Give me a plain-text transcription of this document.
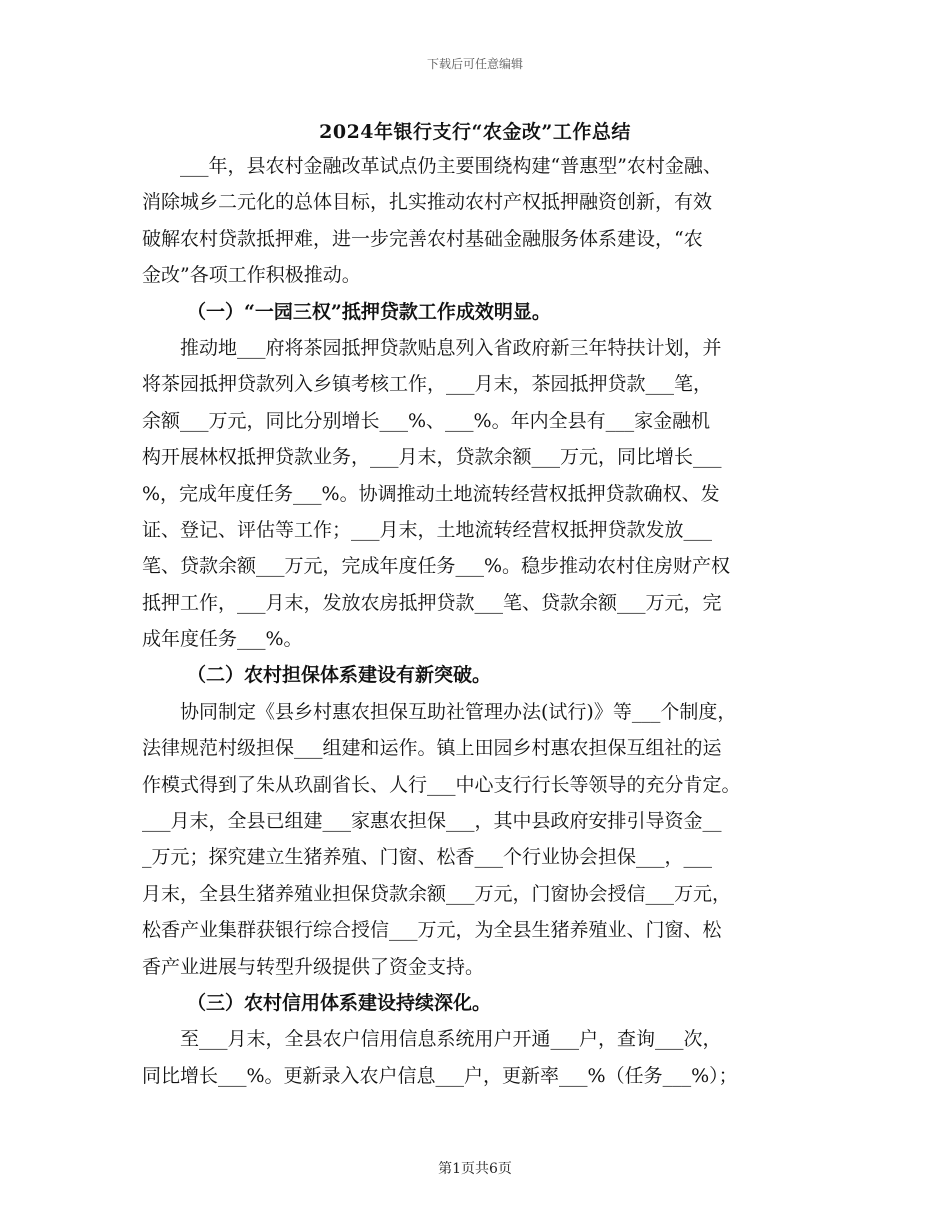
下载后可任意编辑
2024年银行支行“农金改”工作总结
___年，县农村金融改革试点仍主要围绕构建“普惠型”农村金融、
消除城乡二元化的总体目标，扎实推动农村产权抵押融资创新，有效
破解农村贷款抵押难，进一步完善农村基础金融服务体系建设，“农
金改”各项工作积极推动。
（一）“一园三权”抵押贷款工作成效明显。
推动地___府将茶园抵押贷款贴息列入省政府新三年特扶计划，并
将茶园抵押贷款列入乡镇考核工作，___月末，茶园抵押贷款___笔，
余额___万元，同比分别增长___%、___%。年内全县有___家金融机
构开展林权抵押贷款业务，___月末，贷款余额___万元，同比增长___
%，完成年度任务___%。协调推动土地流转经营权抵押贷款确权、发
证、登记、评估等工作；___月末，土地流转经营权抵押贷款发放___
笔、贷款余额___万元，完成年度任务___%。稳步推动农村住房财产权
抵押工作，___月末，发放农房抵押贷款___笔、贷款余额___万元，完
成年度任务___%。
（二）农村担保体系建设有新突破。
协同制定《县乡村惠农担保互助社管理办法(试行)》等___个制度，
法律规范村级担保___组建和运作。镇上田园乡村惠农担保互组社的运
作模式得到了朱从玖副省长、人行___中心支行行长等领导的充分肯定。
___月末，全县已组建___家惠农担保___，其中县政府安排引导资金__
_万元；探究建立生猪养殖、门窗、松香___个行业协会担保___，___
月末，全县生猪养殖业担保贷款余额___万元，门窗协会授信___万元，
松香产业集群获银行综合授信___万元，为全县生猪养殖业、门窗、松
香产业进展与转型升级提供了资金支持。
（三）农村信用体系建设持续深化。
至___月末，全县农户信用信息系统用户开通___户，查询___次，
同比增长___%。更新录入农户信息___户，更新率___%（任务___%）；
第1页共6页
